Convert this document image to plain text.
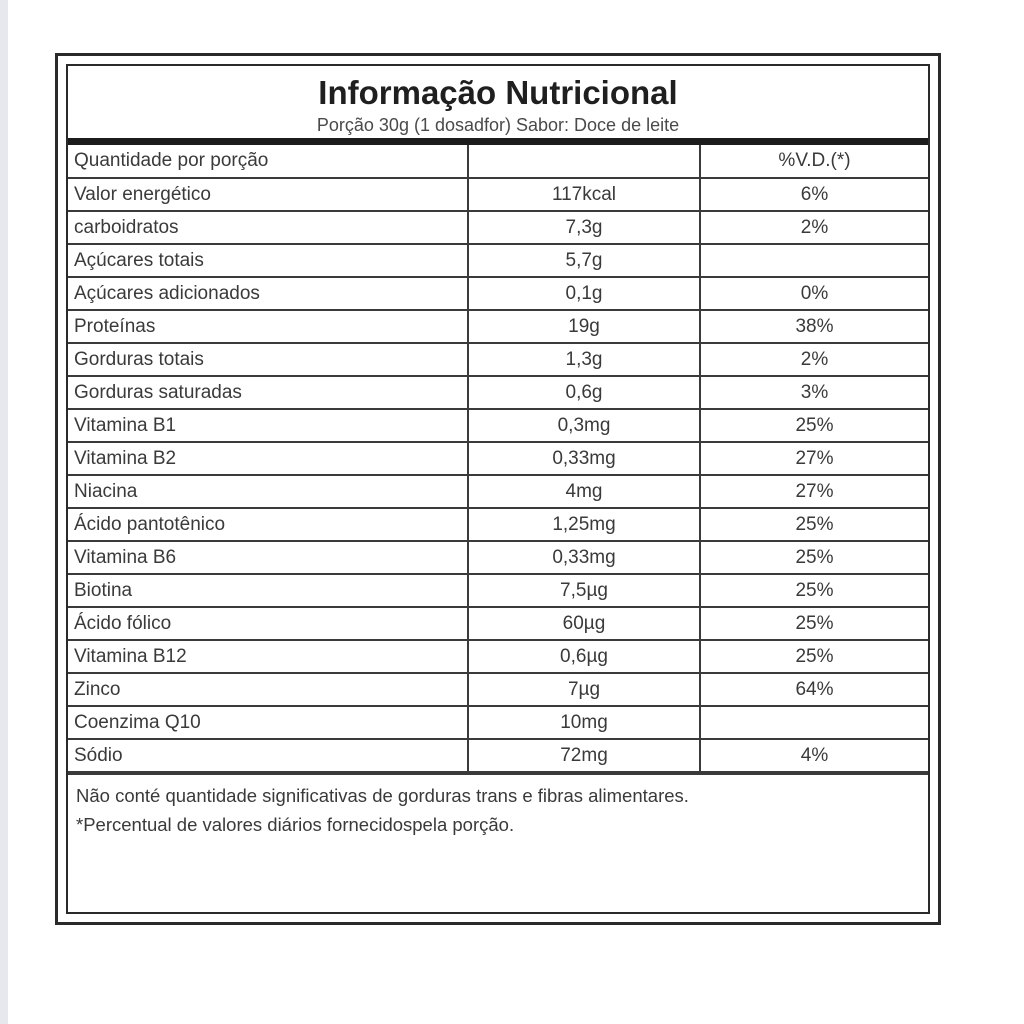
Informação Nutricional
Porção 30g (1 dosadfor) Sabor: Doce de leite
Quantidade por porção		%V.D.(*)
Valor energético	117kcal	6%
carboidratos	7,3g	2%
Açúcares totais	5,7g	
Açúcares adicionados	0,1g	0%
Proteínas	19g	38%
Gorduras totais	1,3g	2%
Gorduras saturadas	0,6g	3%
Vitamina B1	0,3mg	25%
Vitamina B2	0,33mg	27%
Niacina	4mg	27%
Ácido pantotênico	1,25mg	25%
Vitamina B6	0,33mg	25%
Biotina	7,5µg	25%
Ácido fólico	60µg	25%
Vitamina B12	0,6µg	25%
Zinco	7µg	64%
Coenzima Q10	10mg	
Sódio	72mg	4%
Não conté quantidade significativas de gorduras trans e fibras alimentares.
*Percentual de valores diários fornecidospela porção.
